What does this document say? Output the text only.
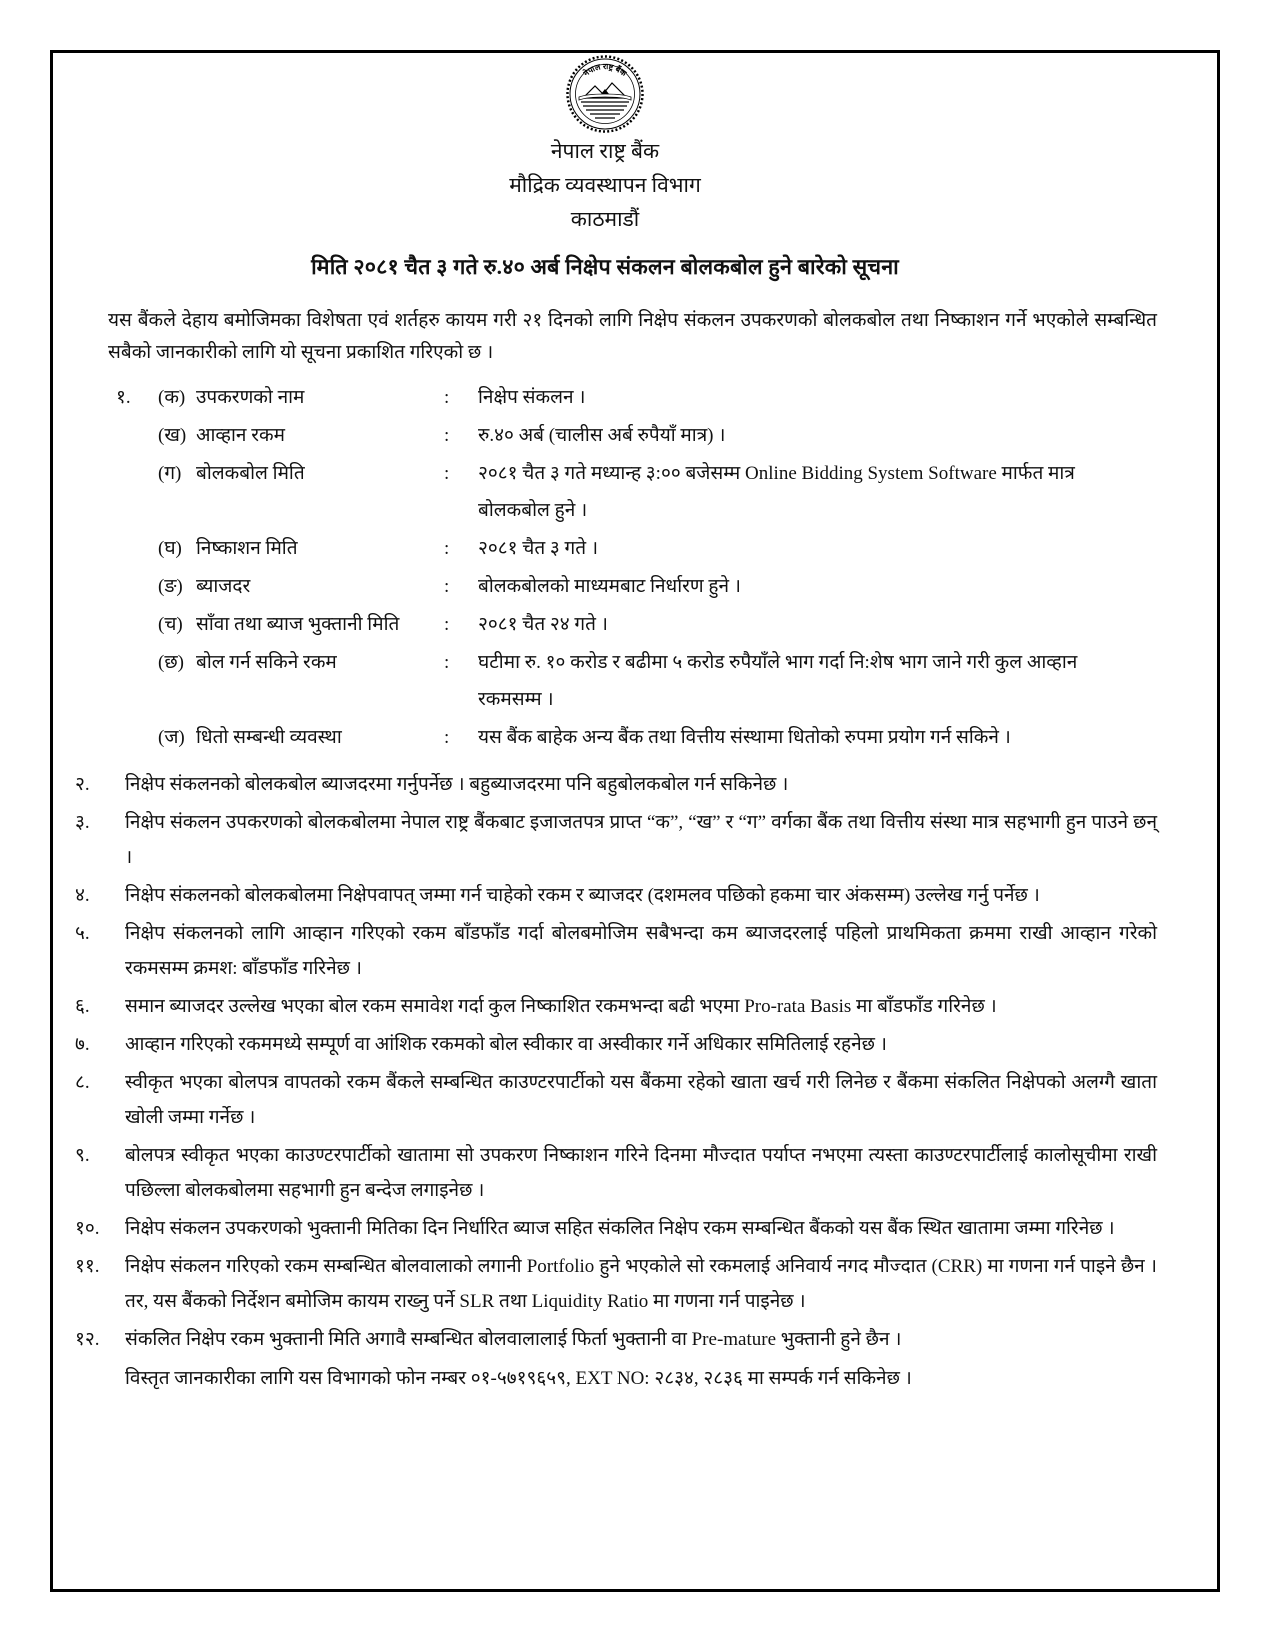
नेपाल राष्ट्र बैंक
नेपाल राष्ट्र बैंक
मौद्रिक व्यवस्थापन विभाग
काठमाडौं
मिति २०८१ चैत ३ गते रु.४० अर्ब निक्षेप संकलन बोलकबोल हुने बारेको सूचना

यस बैंकले देहाय बमोजिमका विशेषता एवं शर्तहरु कायम गरी २१ दिनको लागि निक्षेप संकलन उपकरणको बोलकबोल तथा निष्काशन गर्ने भएकोले सम्बन्धित सबैको जानकारीको लागि यो सूचना प्रकाशित गरिएको छ ।

१. (क) उपकरणको नाम	:	निक्षेप संकलन ।
(ख) आव्हान रकम	:	रु.४० अर्ब (चालीस अर्ब रुपैयाँ मात्र) ।
(ग) बोलकबोल मिति	:	२०८१ चैत ३ गते मध्यान्ह ३:०० बजेसम्म Online Bidding System Software मार्फत मात्र बोलकबोल हुने ।
(घ) निष्काशन मिति	:	२०८१ चैत ३ गते ।
(ङ) ब्याजदर	:	बोलकबोलको माध्यमबाट निर्धारण हुने ।
(च) साँवा तथा ब्याज भुक्तानी मिति	:	२०८१ चैत २४ गते ।
(छ) बोल गर्न सकिने रकम	:	घटीमा रु. १० करोड र बढीमा ५ करोड रुपैयाँले भाग गर्दा नि:शेष भाग जाने गरी कुल आव्हान रकमसम्म ।
(ज) धितो सम्बन्धी व्यवस्था	:	यस बैंक बाहेक अन्य बैंक तथा वित्तीय संस्थामा धितोको रुपमा प्रयोग गर्न सकिने ।
२.	निक्षेप संकलनको बोलकबोल ब्याजदरमा गर्नुपर्नेछ । बहुब्याजदरमा पनि बहुबोलकबोल गर्न सकिनेछ ।
३.	निक्षेप संकलन उपकरणको बोलकबोलमा नेपाल राष्ट्र बैंकबाट इजाजतपत्र प्राप्त “क”, “ख” र “ग” वर्गका बैंक तथा वित्तीय संस्था मात्र सहभागी हुन पाउने छन् ।
४.	निक्षेप संकलनको बोलकबोलमा निक्षेपवापत् जम्मा गर्न चाहेको रकम र ब्याजदर (दशमलव पछिको हकमा चार अंकसम्म) उल्लेख गर्नु पर्नेछ ।
५.	निक्षेप संकलनको लागि आव्हान गरिएको रकम बाँडफाँड गर्दा बोलबमोजिम सबैभन्दा कम ब्याजदरलाई पहिलो प्राथमिकता क्रममा राखी आव्हान गरेको रकमसम्म क्रमश: बाँडफाँड गरिनेछ ।
६.	समान ब्याजदर उल्लेख भएका बोल रकम समावेश गर्दा कुल निष्काशित रकमभन्दा बढी भएमा Pro-rata Basis मा बाँडफाँड गरिनेछ ।
७.	आव्हान गरिएको रकममध्ये सम्पूर्ण वा आंशिक रकमको बोल स्वीकार वा अस्वीकार गर्ने अधिकार समितिलाई रहनेछ ।
८.	स्वीकृत भएका बोलपत्र वापतको रकम बैंकले सम्बन्धित काउण्टरपार्टीको यस बैंकमा रहेको खाता खर्च गरी लिनेछ र बैंकमा संकलित निक्षेपको अलग्गै खाता खोली जम्मा गर्नेछ ।
९.	बोलपत्र स्वीकृत भएका काउण्टरपार्टीको खातामा सो उपकरण निष्काशन गरिने दिनमा मौज्दात पर्याप्त नभएमा त्यस्ता काउण्टरपार्टीलाई कालोसूचीमा राखी पछिल्ला बोलकबोलमा सहभागी हुन बन्देज लगाइनेछ ।
१०.	निक्षेप संकलन उपकरणको भुक्तानी मितिका दिन निर्धारित ब्याज सहित संकलित निक्षेप रकम सम्बन्धित बैंकको यस बैंक स्थित खातामा जम्मा गरिनेछ ।
११.	निक्षेप संकलन गरिएको रकम सम्बन्धित बोलवालाको लगानी Portfolio हुने भएकोले सो रकमलाई अनिवार्य नगद मौज्दात (CRR) मा गणना गर्न पाइने छैन । तर, यस बैंकको निर्देशन बमोजिम कायम राख्नु पर्ने SLR तथा Liquidity Ratio मा गणना गर्न पाइनेछ ।
१२.	संकलित निक्षेप रकम भुक्तानी मिति अगावै सम्बन्धित बोलवालालाई फिर्ता भुक्तानी वा Pre-mature भुक्तानी हुने छैन ।

विस्तृत जानकारीका लागि यस विभागको फोन नम्बर ०१-५७१९६५९, EXT NO: २८३४, २८३६ मा सम्पर्क गर्न सकिनेछ ।
